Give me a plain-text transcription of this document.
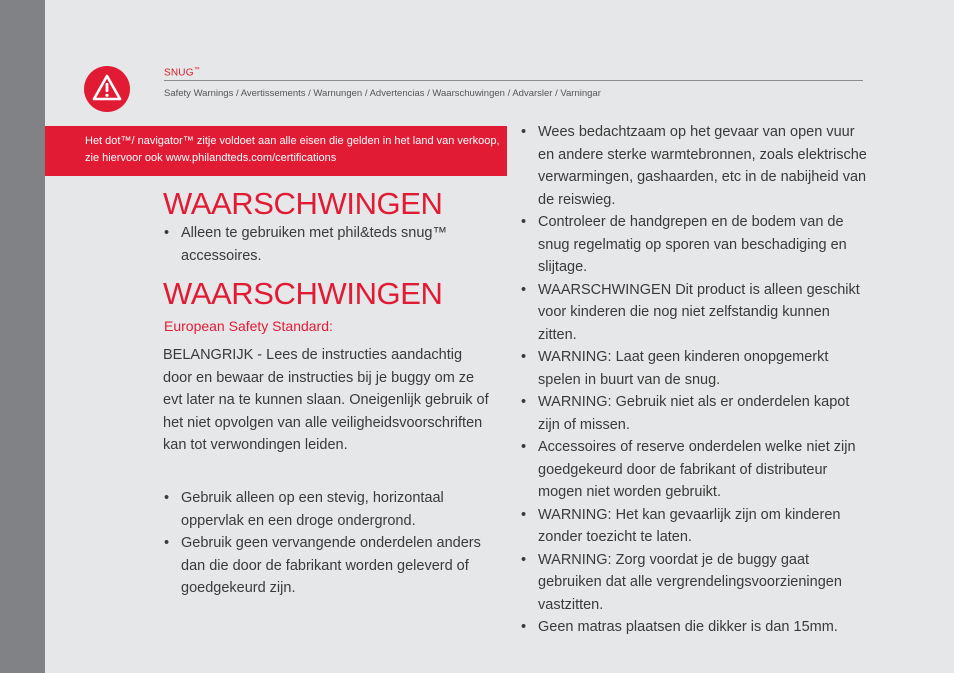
SNUG™
Safety Warnings / Avertissements / Warnungen / Advertencias / Waarschuwingen / Advarsler / Varningar
Het dot™/ navigator™ zitje voldoet aan alle eisen die gelden in het land van verkoop, zie hiervoor ook www.philandteds.com/certifications
WAARSCHWINGEN
• Alleen te gebruiken met phil&teds snug™ accessoires.
WAARSCHWINGEN
European Safety Standard:

BELANGRIJK - Lees de instructies aandachtig door en bewaar de instructies bij je buggy om ze evt later na te kunnen slaan. Oneigenlijk gebruik of het niet opvolgen van alle veiligheidsvoorschriften kan tot verwondingen leiden.

• Gebruik alleen op een stevig, horizontaal oppervlak en een droge ondergrond.
• Gebruik geen vervangende onderdelen anders dan die door de fabrikant worden geleverd of goedgekeurd zijn.
• Wees bedachtzaam op het gevaar van open vuur en andere sterke warmtebronnen, zoals elektrische verwarmingen, gashaarden, etc in de nabijheid van de reiswieg.
• Controleer de handgrepen en de bodem van de snug regelmatig op sporen van beschadiging en slijtage.
• WAARSCHWINGEN Dit product is alleen geschikt voor kinderen die nog niet zelfstandig kunnen zitten.
• WARNING: Laat geen kinderen onopgemerkt spelen in buurt van de snug.
• WARNING: Gebruik niet als er onderdelen kapot zijn of missen.
• Accessoires of reserve onderdelen welke niet zijn goedgekeurd door de fabrikant of distributeur mogen niet worden gebruikt.
• WARNING: Het kan gevaarlijk zijn om kinderen zonder toezicht te laten.
• WARNING: Zorg voordat je de buggy gaat gebruiken dat alle vergrendelingsvoorzieningen vastzitten.
• Geen matras plaatsen die dikker is dan 15mm.
